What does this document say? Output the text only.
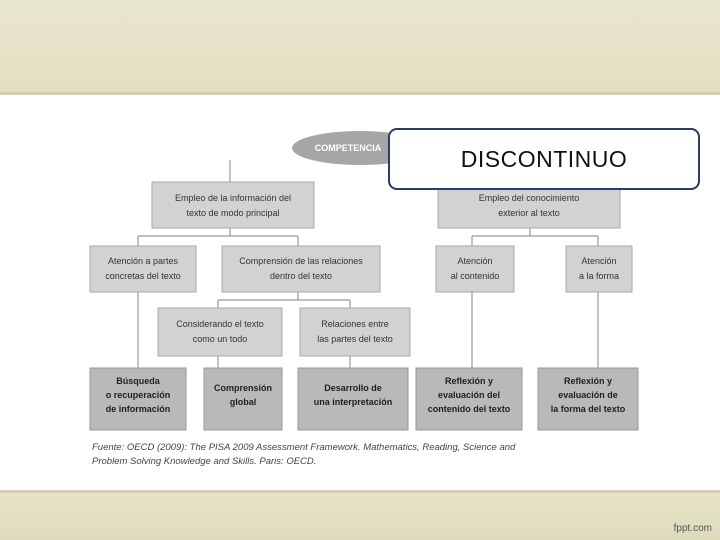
fppt.com
COMPETENCIA
Empleo de la información del
texto de modo principal
Empleo del conocimiento
exterior al texto
Atención a partes
concretas del texto
Comprensión de las relaciones
dentro del texto
Atención
al contenido
Atención
a la forma
Considerando el texto
como un todo
Relaciones entre
las partes del texto
Búsqueda
o recuperación
de información
Comprensión
global
Desarrollo de
una interpretación
Reflexión y
evaluación del
contenido del texto
Reflexión y
evaluación de
la forma del texto
Fuente: OECD (2009): The PISA 2009 Assessment Framework. Mathematics, Reading, Science and
Problem Solving Knowledge and Skills. Paris: OECD.
DISCONTINUO
